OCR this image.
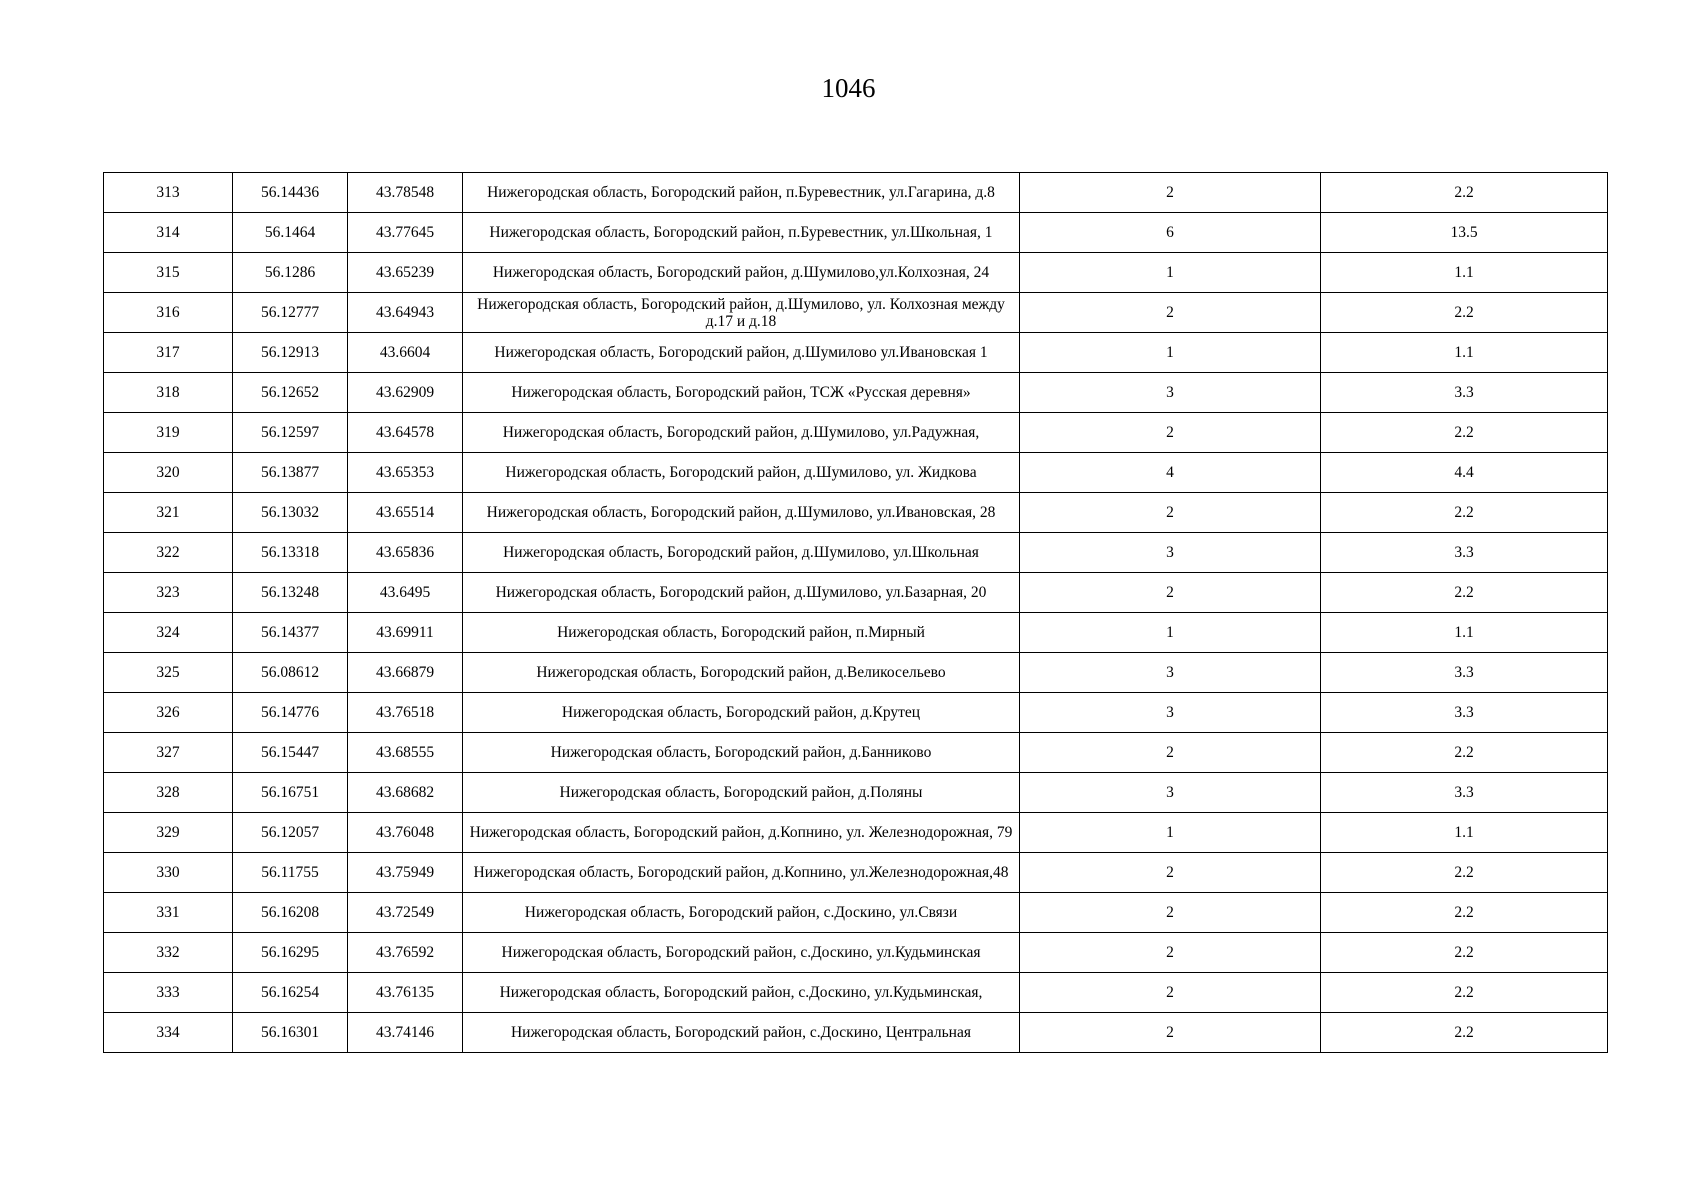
1046
313	56.14436	43.78548	Нижегородская область, Богородский район, п.Буревестник, ул.Гагарина, д.8	2	2.2
314	56.1464	43.77645	Нижегородская область, Богородский район, п.Буревестник, ул.Школьная, 1	6	13.5
315	56.1286	43.65239	Нижегородская область, Богородский район, д.Шумилово,ул.Колхозная, 24	1	1.1
316	56.12777	43.64943	Нижегородская область, Богородский район, д.Шумилово, ул. Колхозная между д.17 и д.18	2	2.2
317	56.12913	43.6604	Нижегородская область, Богородский район, д.Шумилово ул.Ивановская 1	1	1.1
318	56.12652	43.62909	Нижегородская область, Богородский район, ТСЖ «Русская деревня»	3	3.3
319	56.12597	43.64578	Нижегородская область, Богородский район, д.Шумилово, ул.Радужная,	2	2.2
320	56.13877	43.65353	Нижегородская область, Богородский район, д.Шумилово, ул. Жидкова	4	4.4
321	56.13032	43.65514	Нижегородская область, Богородский район, д.Шумилово, ул.Ивановская, 28	2	2.2
322	56.13318	43.65836	Нижегородская область, Богородский район, д.Шумилово, ул.Школьная	3	3.3
323	56.13248	43.6495	Нижегородская область, Богородский район, д.Шумилово, ул.Базарная, 20	2	2.2
324	56.14377	43.69911	Нижегородская область, Богородский район, п.Мирный	1	1.1
325	56.08612	43.66879	Нижегородская область, Богородский район, д.Великосельево	3	3.3
326	56.14776	43.76518	Нижегородская область, Богородский район, д.Крутец	3	3.3
327	56.15447	43.68555	Нижегородская область, Богородский район, д.Банниково	2	2.2
328	56.16751	43.68682	Нижегородская область, Богородский район, д.Поляны	3	3.3
329	56.12057	43.76048	Нижегородская область, Богородский район, д.Копнино, ул. Железнодорожная, 79	1	1.1
330	56.11755	43.75949	Нижегородская область, Богородский район, д.Копнино, ул.Железнодорожная,48	2	2.2
331	56.16208	43.72549	Нижегородская область, Богородский район, с.Доскино, ул.Связи	2	2.2
332	56.16295	43.76592	Нижегородская область, Богородский район, с.Доскино, ул.Кудьминская	2	2.2
333	56.16254	43.76135	Нижегородская область, Богородский район, с.Доскино, ул.Кудьминская,	2	2.2
334	56.16301	43.74146	Нижегородская область, Богородский район, с.Доскино, Центральная	2	2.2
